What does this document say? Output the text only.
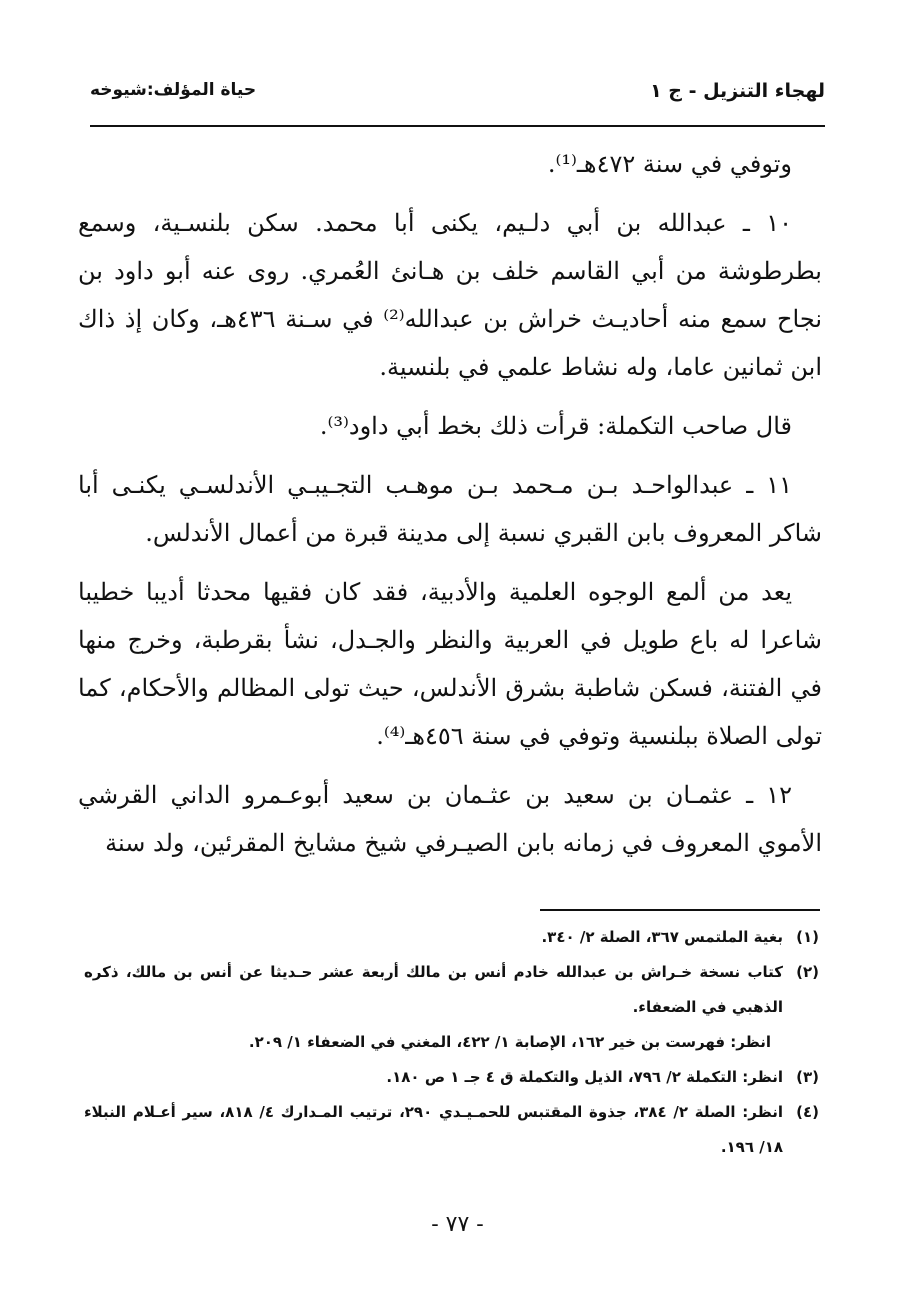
لهجاء التنزيل - ج ١
حياة المؤلف:شيوخه

وتوفي في سنة ٤٧٢هـ⁽¹⁾.

١٠ ـ عبدالله بن أبي دلـيم، يكنى أبا محمد. سكن بلنسـية، وسمع بطرطوشة من أبي القاسم خلف بن هـانئ العُمري. روى عنه أبو داود بن نجاح سمع منه أحاديـث خراش بن عبدالله⁽²⁾ في سـنة ٤٣٦هـ، وكان إذ ذاك ابن ثمانين عاما، وله نشاط علمي في بلنسية.

قال صاحب التكملة: قرأت ذلك بخط أبي داود⁽³⁾.

١١ ـ عبدالواحـد بـن مـحمد بـن موهـب التجـيبـي الأندلسـي يكنـى أبا شاكر المعروف بابن القبري نسبة إلى مدينة قبرة من أعمال الأندلس.

يعد من ألمع الوجوه العلمية والأدبية، فقد كان فقيها محدثا أديبا خطيبا شاعرا له باع طويل في العربية والنظر والجـدل، نشأ بقرطبة، وخرج منها في الفتنة، فسكن شاطبة بشرق الأندلس، حيث تولى المظالم والأحكام، كما تولى الصلاة ببلنسية وتوفي في سنة ٤٥٦هـ⁽⁴⁾.

١٢ ـ عثمـان بن سعيد بن عثـمان بن سعيد أبوعـمرو الداني القرشي الأموي المعروف في زمانه بابن الصيـرفي شيخ مشايخ المقرئين، ولد سنة

(١)
بغية الملتمس ٣٦٧، الصلة ٢/ ٣٤٠.
(٢)
كتاب نسخة خـراش بن عبدالله خادم أنس بن مالك أربعة عشر حـديثا عن أنس بن مالك، ذكره الذهبي في الضعفاء.
انظر: فهرست بن خير ١٦٢، الإصابة ١/ ٤٢٢، المغني في الضعفاء ١/ ٢٠٩.
(٣)
انظر: التكملة ٢/ ٧٩٦، الذيل والتكملة ق ٤ جـ ١ ص ١٨٠.
(٤)
انظر: الصلة ٢/ ٣٨٤، جذوة المقتبس للحمـيـدي ٢٩٠، ترتيب المـدارك ٤/ ٨١٨، سير أعـلام النبلاء ١٨/ ١٩٦.
- ٧٧ -
